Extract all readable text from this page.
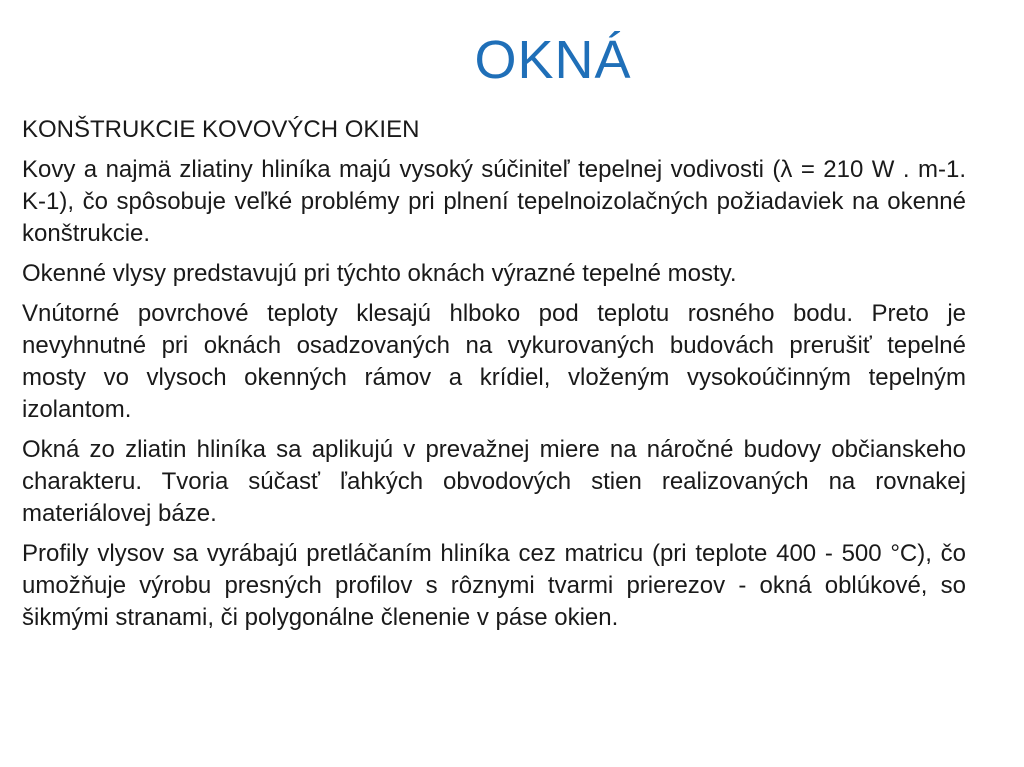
OKNÁ

KONŠTRUKCIE KOVOVÝCH OKIEN

Kovy a najmä zliatiny hliníka majú vysoký súčiniteľ tepelnej vodivosti (λ = 210 W . m-1. K-1), čo spôsobuje veľké problémy pri plnení tepelnoizolačných požiadaviek na okenné konštrukcie.

Okenné vlysy predstavujú pri týchto oknách výrazné tepelné mosty.

Vnútorné povrchové teploty klesajú hlboko pod teplotu rosného bodu. Preto je nevyhnutné pri oknách osadzovaných na vykurovaných budovách prerušiť tepelné mosty vo vlysoch okenných rámov a krídiel, vloženým vysokoúčinným tepelným izolantom.

Okná zo zliatin hliníka sa aplikujú v prevažnej miere na náročné budovy občianskeho charakteru. Tvoria súčasť ľahkých obvodových stien realizovaných na rovnakej materiálovej báze.

Profily vlysov sa vyrábajú pretláčaním hliníka cez matricu (pri teplote 400 - 500 °C), čo umožňuje výrobu presných profilov s rôznymi tvarmi prierezov - okná oblúkové, so šikmými stranami, či polygonálne členenie v páse okien.
